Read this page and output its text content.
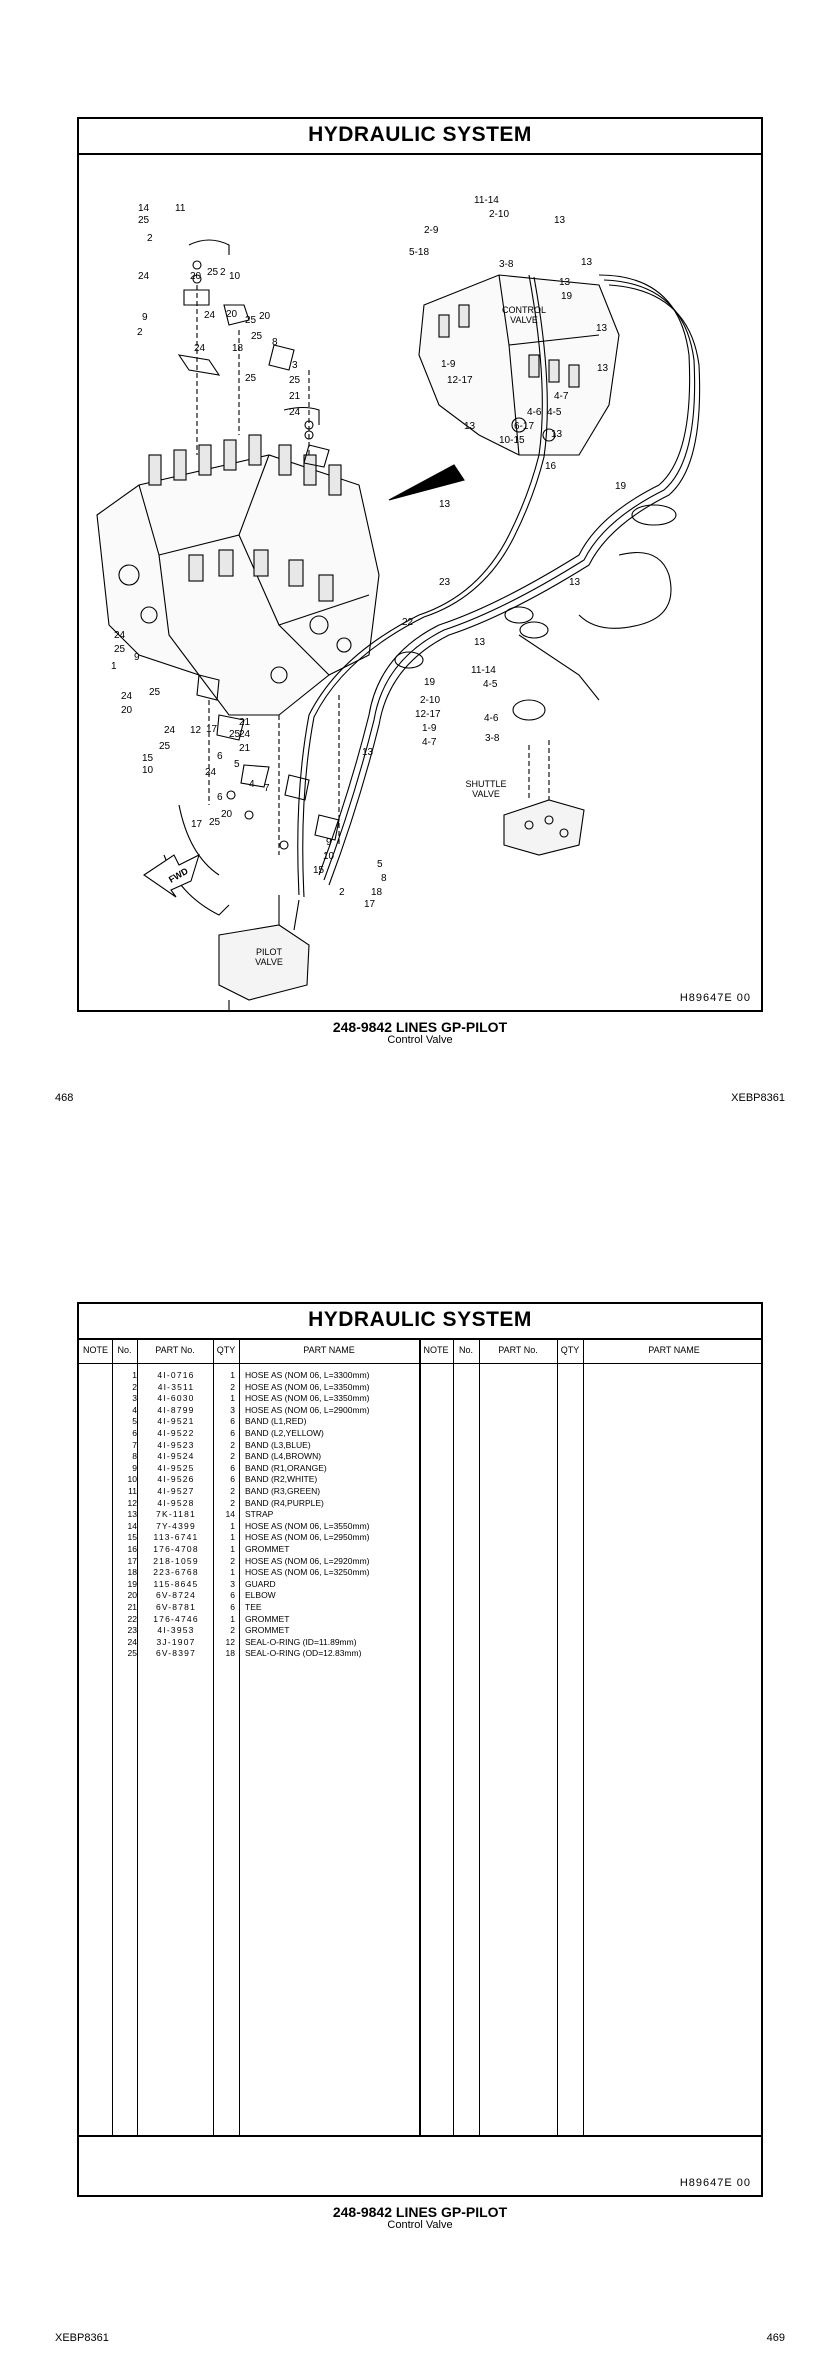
HYDRAULIC SYSTEM
14	11
25
2
24	20 25 2 10
9
2
24 20
25 20
25
24	18
8
3
25
21
24
25
24
25
9
1
24
20
25
24 12 17
25
21
24
15
10
21
25
6
24
5
4 7
6
17 25
20
11-14
2-10
13
2-9
5-18
3-8	13
13
19
13
13
1-9
12-17
13
4-7
4-6 4-5
6-17
10-15
13
16
19
13
23	13
22
13
11-14
19	4-5
2-10
12-17	4-6
1-9
4-7	3-8
13
9
10
15
5
8
18
17
2
CONTROL VALVE
PILOT VALVE
SHUTTLE VALVE
FWD
H89647E 00
248-9842 LINES GP-PILOT
Control Valve
468	XEBP8361
HYDRAULIC SYSTEM
NOTE	No.	PART No.	QTY	PART NAME	NOTE	No.	PART No.	QTY	PART NAME
1	4I-0716	1 HOSE AS (NOM 06, L=3300mm)
2	4I-3511	2 HOSE AS (NOM 06, L=3350mm)
3	4I-6030	1 HOSE AS (NOM 06, L=3350mm)
4	4I-8799	3 HOSE AS (NOM 06, L=2900mm)
5	4I-9521	6 BAND (L1,RED)
6	4I-9522	6 BAND (L2,YELLOW)
7	4I-9523	2 BAND (L3,BLUE)
8	4I-9524	2 BAND (L4,BROWN)
9	4I-9525	6 BAND (R1,ORANGE)
10	4I-9526	6 BAND (R2,WHITE)
11	4I-9527	2 BAND (R3,GREEN)
12	4I-9528	2 BAND (R4,PURPLE)
13	7K-1181	14 STRAP
14	7Y-4399	1 HOSE AS (NOM 06, L=3550mm)
15	113-6741	1 HOSE AS (NOM 06, L=2950mm)
16	176-4708	1 GROMMET
17	218-1059	2 HOSE AS (NOM 06, L=2920mm)
18	223-6768	1 HOSE AS (NOM 06, L=3250mm)
19	115-8645	3 GUARD
20	6V-8724	6 ELBOW
21	6V-8781	6 TEE
22	176-4746	1 GROMMET
23	4I-3953	2 GROMMET
24	3J-1907	12 SEAL-O-RING (ID=11.89mm)
25	6V-8397	18 SEAL-O-RING (OD=12.83mm)
H89647E 00
248-9842 LINES GP-PILOT
Control Valve
XEBP8361	469
